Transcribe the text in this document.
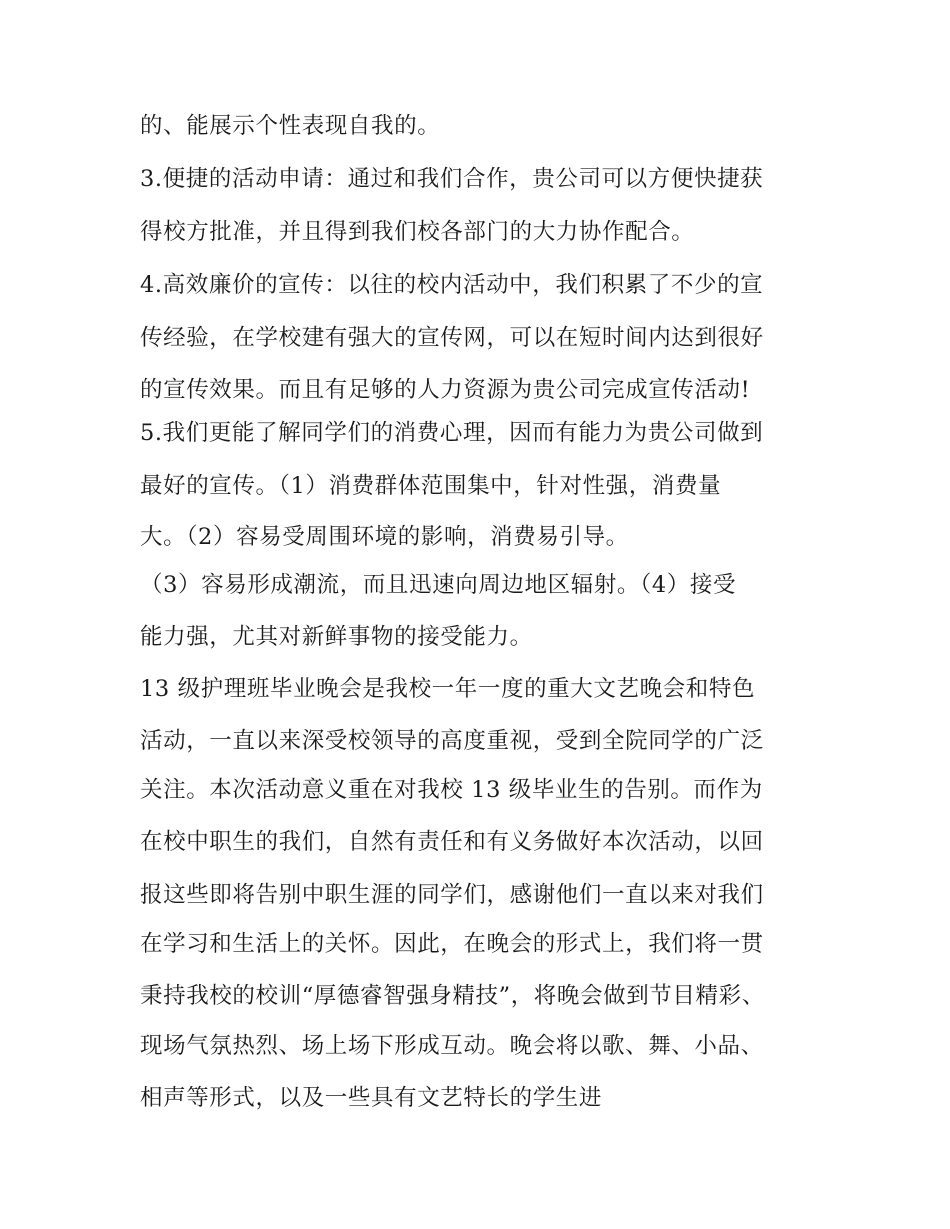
的、能展示个性表现自我的。
3.便捷的活动申请：通过和我们合作，贵公司可以方便快捷获
得校方批准，并且得到我们校各部门的大力协作配合。
4.高效廉价的宣传：以往的校内活动中，我们积累了不少的宣
传经验，在学校建有强大的宣传网，可以在短时间内达到很好
的宣传效果。而且有足够的人力资源为贵公司完成宣传活动!
5.我们更能了解同学们的消费心理，因而有能力为贵公司做到
最好的宣传。（1）消费群体范围集中，针对性强，消费量
大。（2）容易受周围环境的影响，消费易引导。
（3）容易形成潮流，而且迅速向周边地区辐射。（4）接受
能力强，尤其对新鲜事物的接受能力。
13 级护理班毕业晚会是我校一年一度的重大文艺晚会和特色
活动，一直以来深受校领导的高度重视，受到全院同学的广泛
关注。本次活动意义重在对我校 13 级毕业生的告别。而作为
在校中职生的我们，自然有责任和有义务做好本次活动，以回
报这些即将告别中职生涯的同学们，感谢他们一直以来对我们
在学习和生活上的关怀。因此，在晚会的形式上，我们将一贯
秉持我校的校训“厚德睿智强身精技”，将晚会做到节目精彩、
现场气氛热烈、场上场下形成互动。晚会将以歌、舞、小品、
相声等形式，以及一些具有文艺特长的学生进
